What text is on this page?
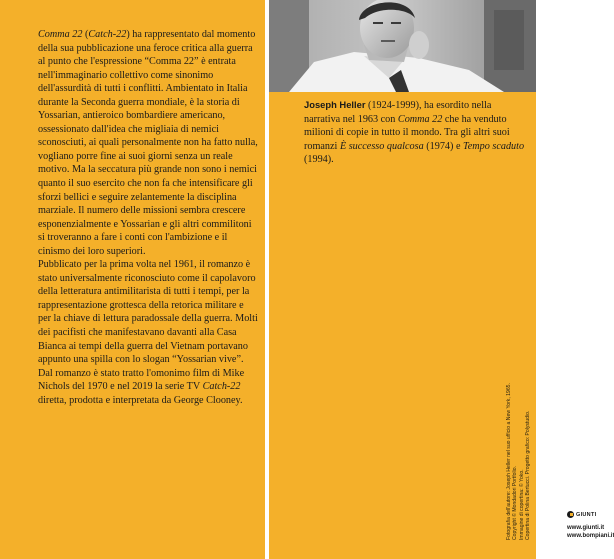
Comma 22 (Catch-22) ha rappresentato dal momento della sua pubblicazione una feroce critica alla guerra al punto che l'espressione “Comma 22” è entrata nell'immaginario collettivo come sinonimo dell'assurdità di tutti i conflitti. Ambientato in Italia durante la Seconda guerra mondiale, è la storia di Yossarian, antieroico bombardiere americano, ossessionato dall'idea che migliaia di nemici sconosciuti, ai quali personalmente non ha fatto nulla, vogliano porre fine ai suoi giorni senza un reale motivo. Ma la seccatura più grande non sono i nemici quanto il suo esercito che non fa che intensificare gli sforzi bellici e seguire zelantemente la disciplina marziale. Il numero delle missioni sembra crescere esponenzialmente e Yossarian e gli altri commilitoni si troveranno a fare i conti con l'ambizione e il cinismo dei loro superiori.

Pubblicato per la prima volta nel 1961, il romanzo è stato universalmente riconosciuto come il capolavoro della letteratura antimilitarista di tutti i tempi, per la rappresentazione grottesca della retorica militare e per la chiave di lettura paradossale della guerra. Molti dei pacifisti che manifestavano davanti alla Casa Bianca ai tempi della guerra del Vietnam portavano appunto una spilla con lo slogan “Yossarian vive”.

Dal romanzo è stato tratto l'omonimo film di Mike Nichols del 1970 e nel 2019 la serie TV Catch-22 diretta, prodotta e interpretata da George Clooney.

Joseph Heller (1924-1999), ha esordito nella narrativa nel 1963 con Comma 22 che ha venduto milioni di copie in tutto il mondo. Tra gli altri suoi romanzi È successo qualcosa (1974) e Tempo scaduto (1994).
GIUNTI
www.giunti.it
www.bompiani.it
Fotografia dell'autore: Joseph Heller nel suo ufficio a New York, 1965. Copyright © Mondadori Portfolio. Immagine di copertina: © Yoko. Copertina di Polina Bertucci. Progetto grafico: Polystudio.
